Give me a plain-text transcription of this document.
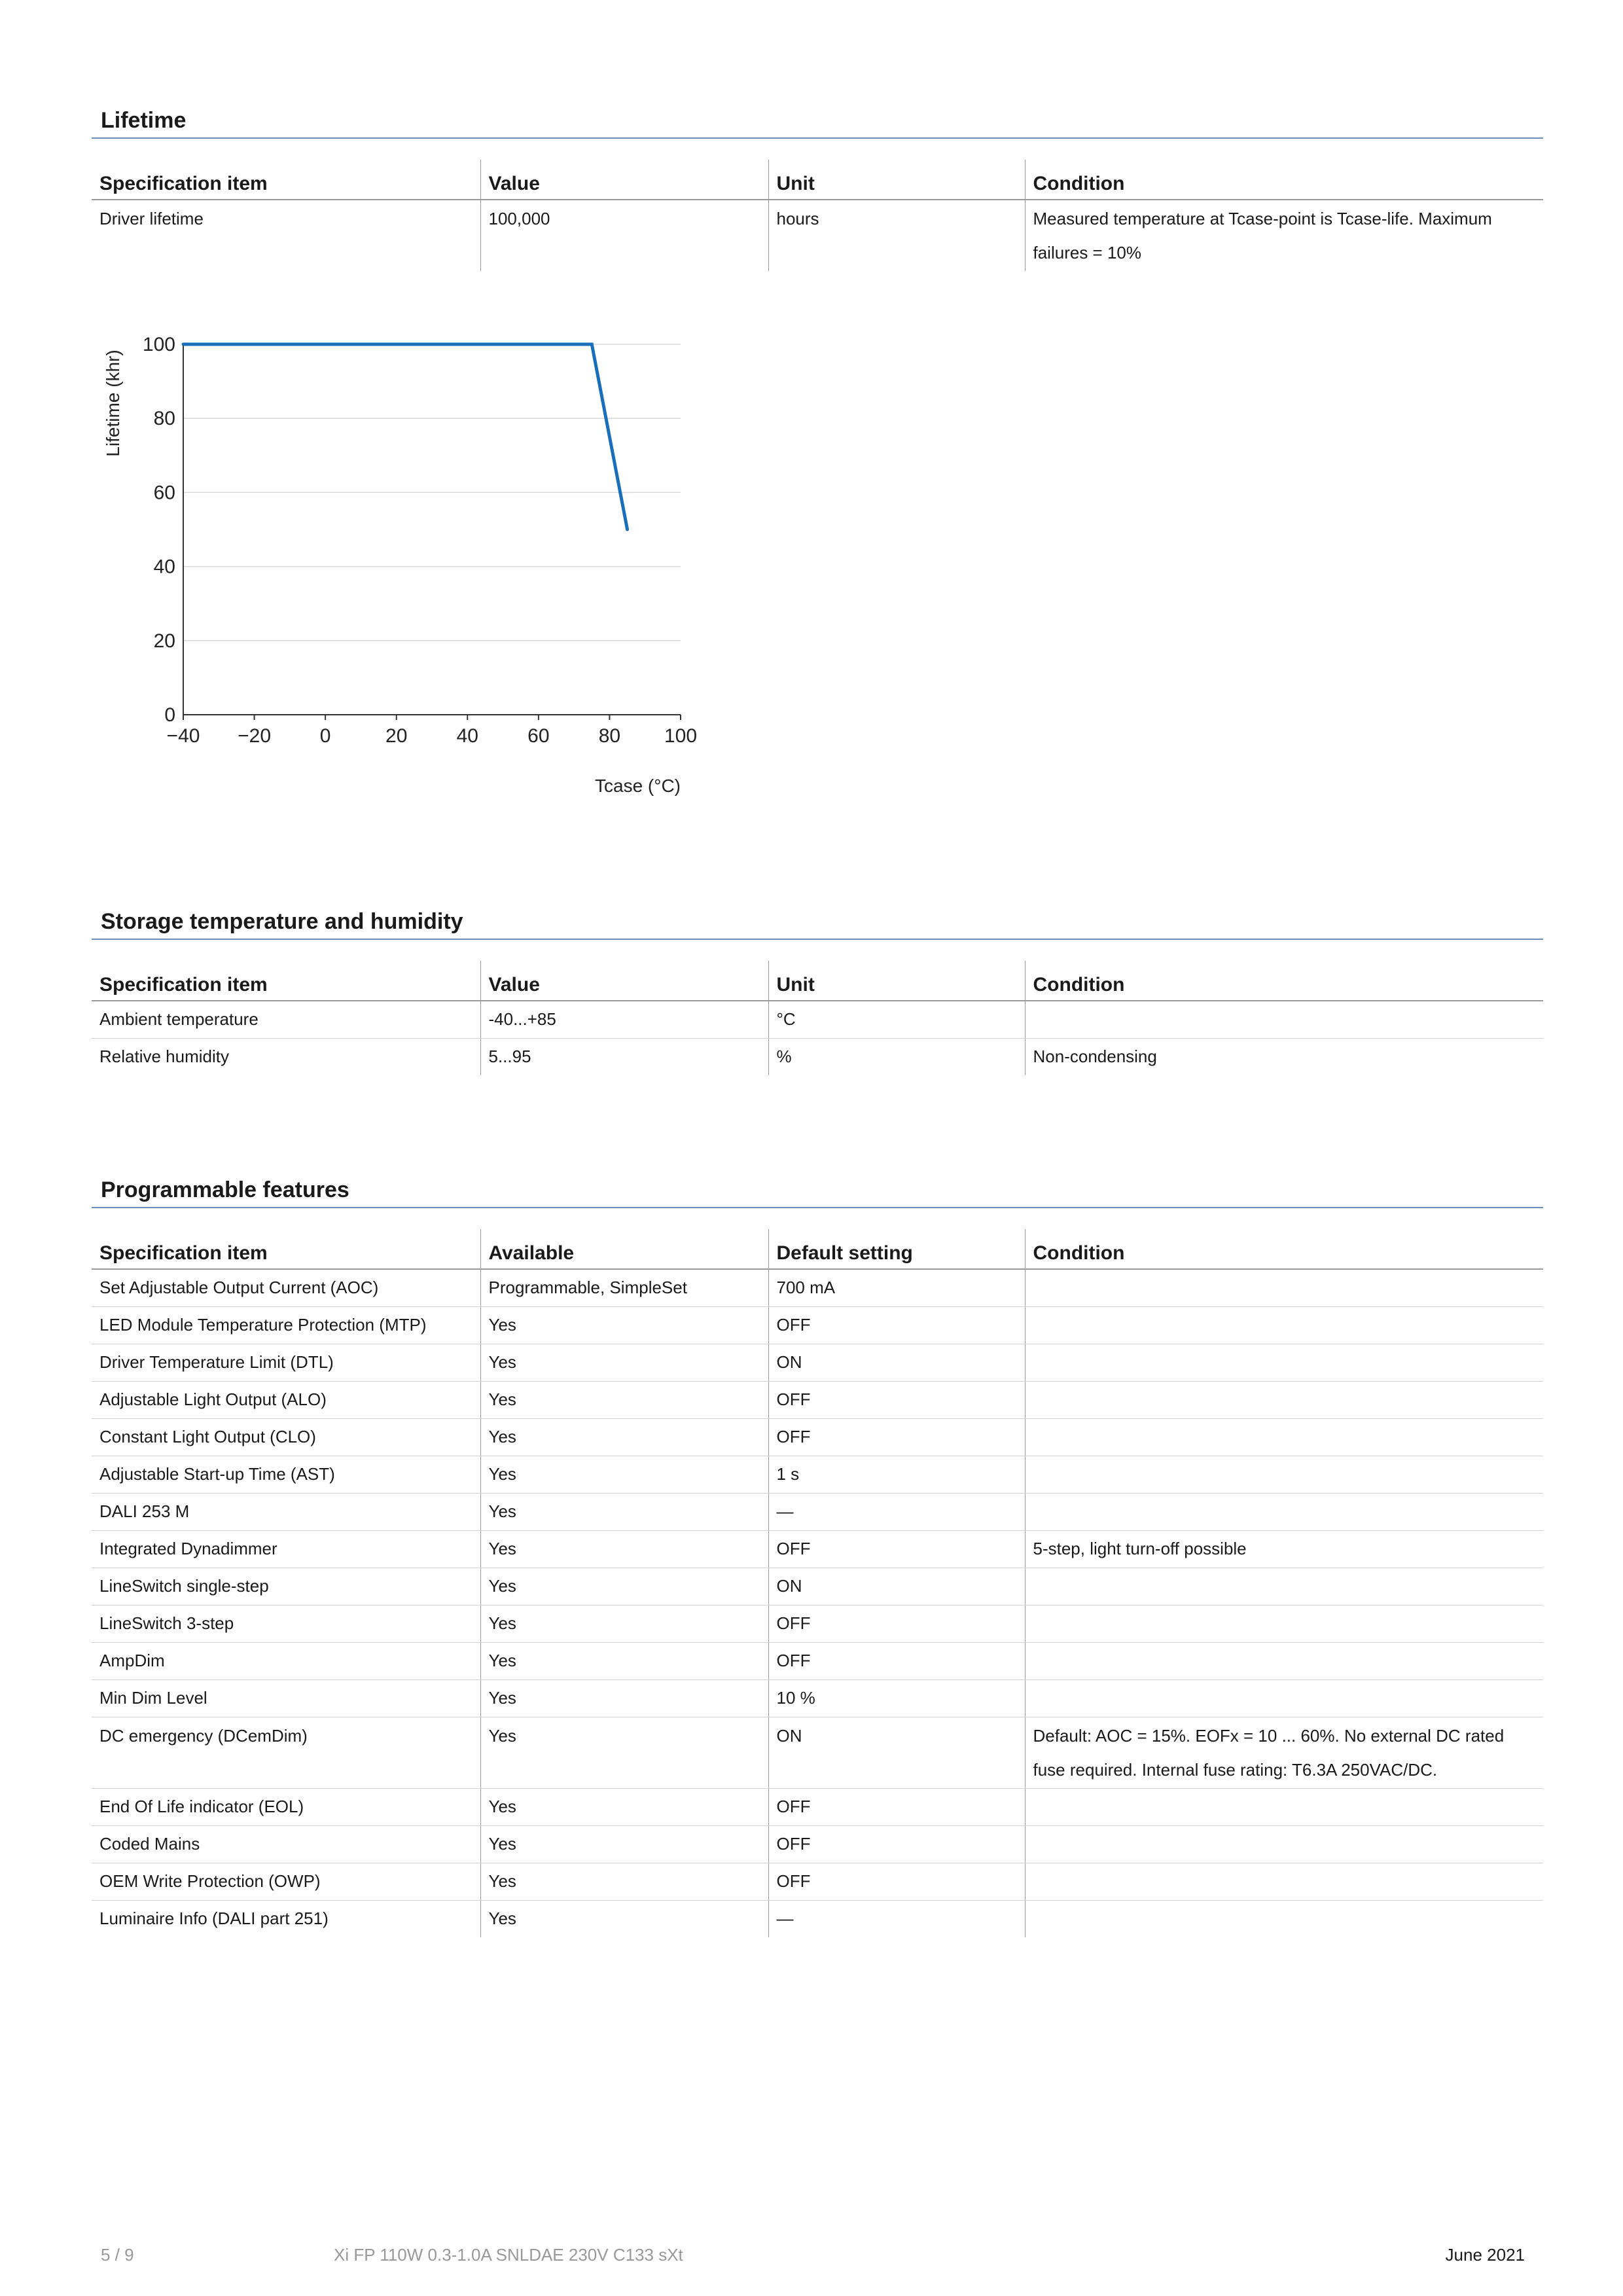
Lifetime
Specification item	Value	Unit	Condition
Driver lifetime	100,000	hours	Measured temperature at Tcase-point is Tcase-life. Maximum failures = 10%
0
20
40
60
80
100
−40 −20 0	20	40	60	80 100
Lifetime (khr)
Tcase (°C)
Storage temperature and humidity
Specification item	Value	Unit	Condition
Ambient temperature	-40...+85	°C	
Relative humidity	5...95	%	Non-condensing
Programmable features
Specification item	Available	Default setting	Condition
Set Adjustable Output Current (AOC)	Programmable, SimpleSet	700 mA	
LED Module Temperature Protection (MTP)	Yes	OFF	
Driver Temperature Limit (DTL)	Yes	ON	
Adjustable Light Output (ALO)	Yes	OFF	
Constant Light Output (CLO)	Yes	OFF	
Adjustable Start-up Time (AST)	Yes	1 s	
DALI 253 M	Yes	—	
Integrated Dynadimmer	Yes	OFF	5-step, light turn-off possible
LineSwitch single-step	Yes	ON	
LineSwitch 3-step	Yes	OFF	
AmpDim	Yes	OFF	
Min Dim Level	Yes	10 %	
DC emergency (DCemDim)	Yes	ON	Default: AOC = 15%. EOFx = 10 ... 60%. No external DC rated fuse required. Internal fuse rating: T6.3A 250VAC/DC.
End Of Life indicator (EOL)	Yes	OFF	
Coded Mains	Yes	OFF	
OEM Write Protection (OWP)	Yes	OFF	
Luminaire Info (DALI part 251)	Yes	—	
5 / 9	Xi FP 110W 0.3-1.0A SNLDAE 230V C133 sXt	June 2021
